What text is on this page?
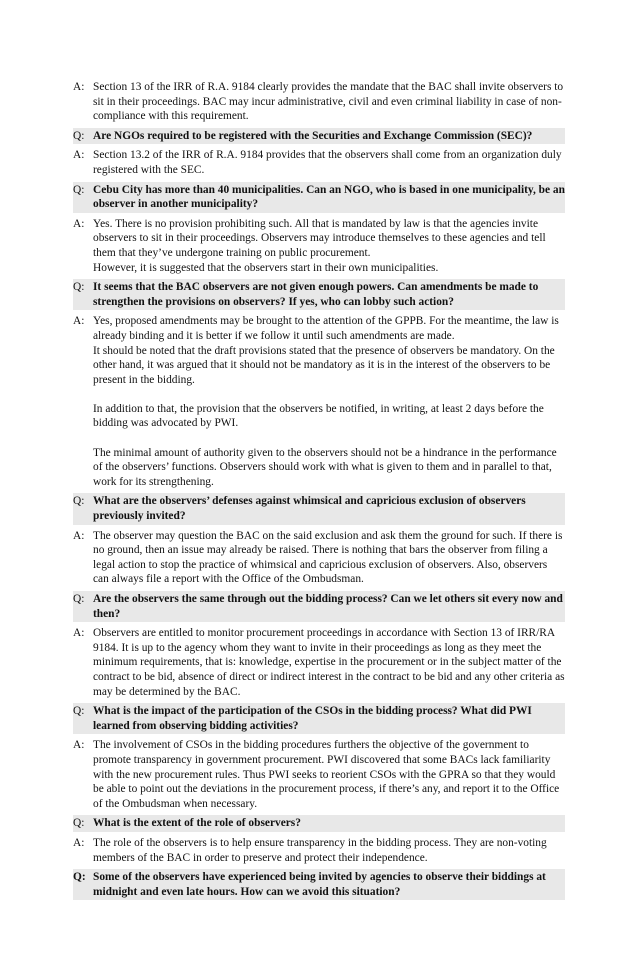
A: Section 13 of the IRR of R.A. 9184 clearly provides the mandate that the BAC shall invite observers to sit in their proceedings. BAC may incur administrative, civil and even criminal liability in case of non-compliance with this requirement.
Q: Are NGOs required to be registered with the Securities and Exchange Commission (SEC)?
A: Section 13.2 of the IRR of R.A. 9184 provides that the observers shall come from an organization duly registered with the SEC.
Q: Cebu City has more than 40 municipalities. Can an NGO, who is based in one municipality, be an observer in another municipality?
A: Yes. There is no provision prohibiting such. All that is mandated by law is that the agencies invite observers to sit in their proceedings. Observers may introduce themselves to these agencies and tell them that they’ve undergone training on public procurement.
However, it is suggested that the observers start in their own municipalities.
Q: It seems that the BAC observers are not given enough powers. Can amendments be made to strengthen the provisions on observers? If yes, who can lobby such action?
A: Yes, proposed amendments may be brought to the attention of the GPPB. For the meantime, the law is already binding and it is better if we follow it until such amendments are made.
It should be noted that the draft provisions stated that the presence of observers be mandatory. On the other hand, it was argued that it should not be mandatory as it is in the interest of the observers to be present in the bidding.
In addition to that, the provision that the observers be notified, in writing, at least 2 days before the bidding was advocated by PWI.
The minimal amount of authority given to the observers should not be a hindrance in the performance of the observers’ functions. Observers should work with what is given to them and in parallel to that, work for its strengthening.
Q: What are the observers’ defenses against whimsical and capricious exclusion of observers previously invited?
A: The observer may question the BAC on the said exclusion and ask them the ground for such. If there is no ground, then an issue may already be raised. There is nothing that bars the observer from filing a legal action to stop the practice of whimsical and capricious exclusion of observers. Also, observers can always file a report with the Office of the Ombudsman.
Q: Are the observers the same through out the bidding process? Can we let others sit every now and then?
A: Observers are entitled to monitor procurement proceedings in accordance with Section 13 of IRR/RA 9184. It is up to the agency whom they want to invite in their proceedings as long as they meet the minimum requirements, that is: knowledge, expertise in the procurement or in the subject matter of the contract to be bid, absence of direct or indirect interest in the contract to be bid and any other criteria as may be determined by the BAC.
Q: What is the impact of the participation of the CSOs in the bidding process? What did PWI learned from observing bidding activities?
A: The involvement of CSOs in the bidding procedures furthers the objective of the government to promote transparency in government procurement. PWI discovered that some BACs lack familiarity with the new procurement rules. Thus PWI seeks to reorient CSOs with the GPRA so that they would be able to point out the deviations in the procurement process, if there’s any, and report it to the Office of the Ombudsman when necessary.
Q: What is the extent of the role of observers?
A: The role of the observers is to help ensure transparency in the bidding process. They are non-voting members of the BAC in order to preserve and protect their independence.
Q: Some of the observers have experienced being invited by agencies to observe their biddings at midnight and even late hours. How can we avoid this situation?
